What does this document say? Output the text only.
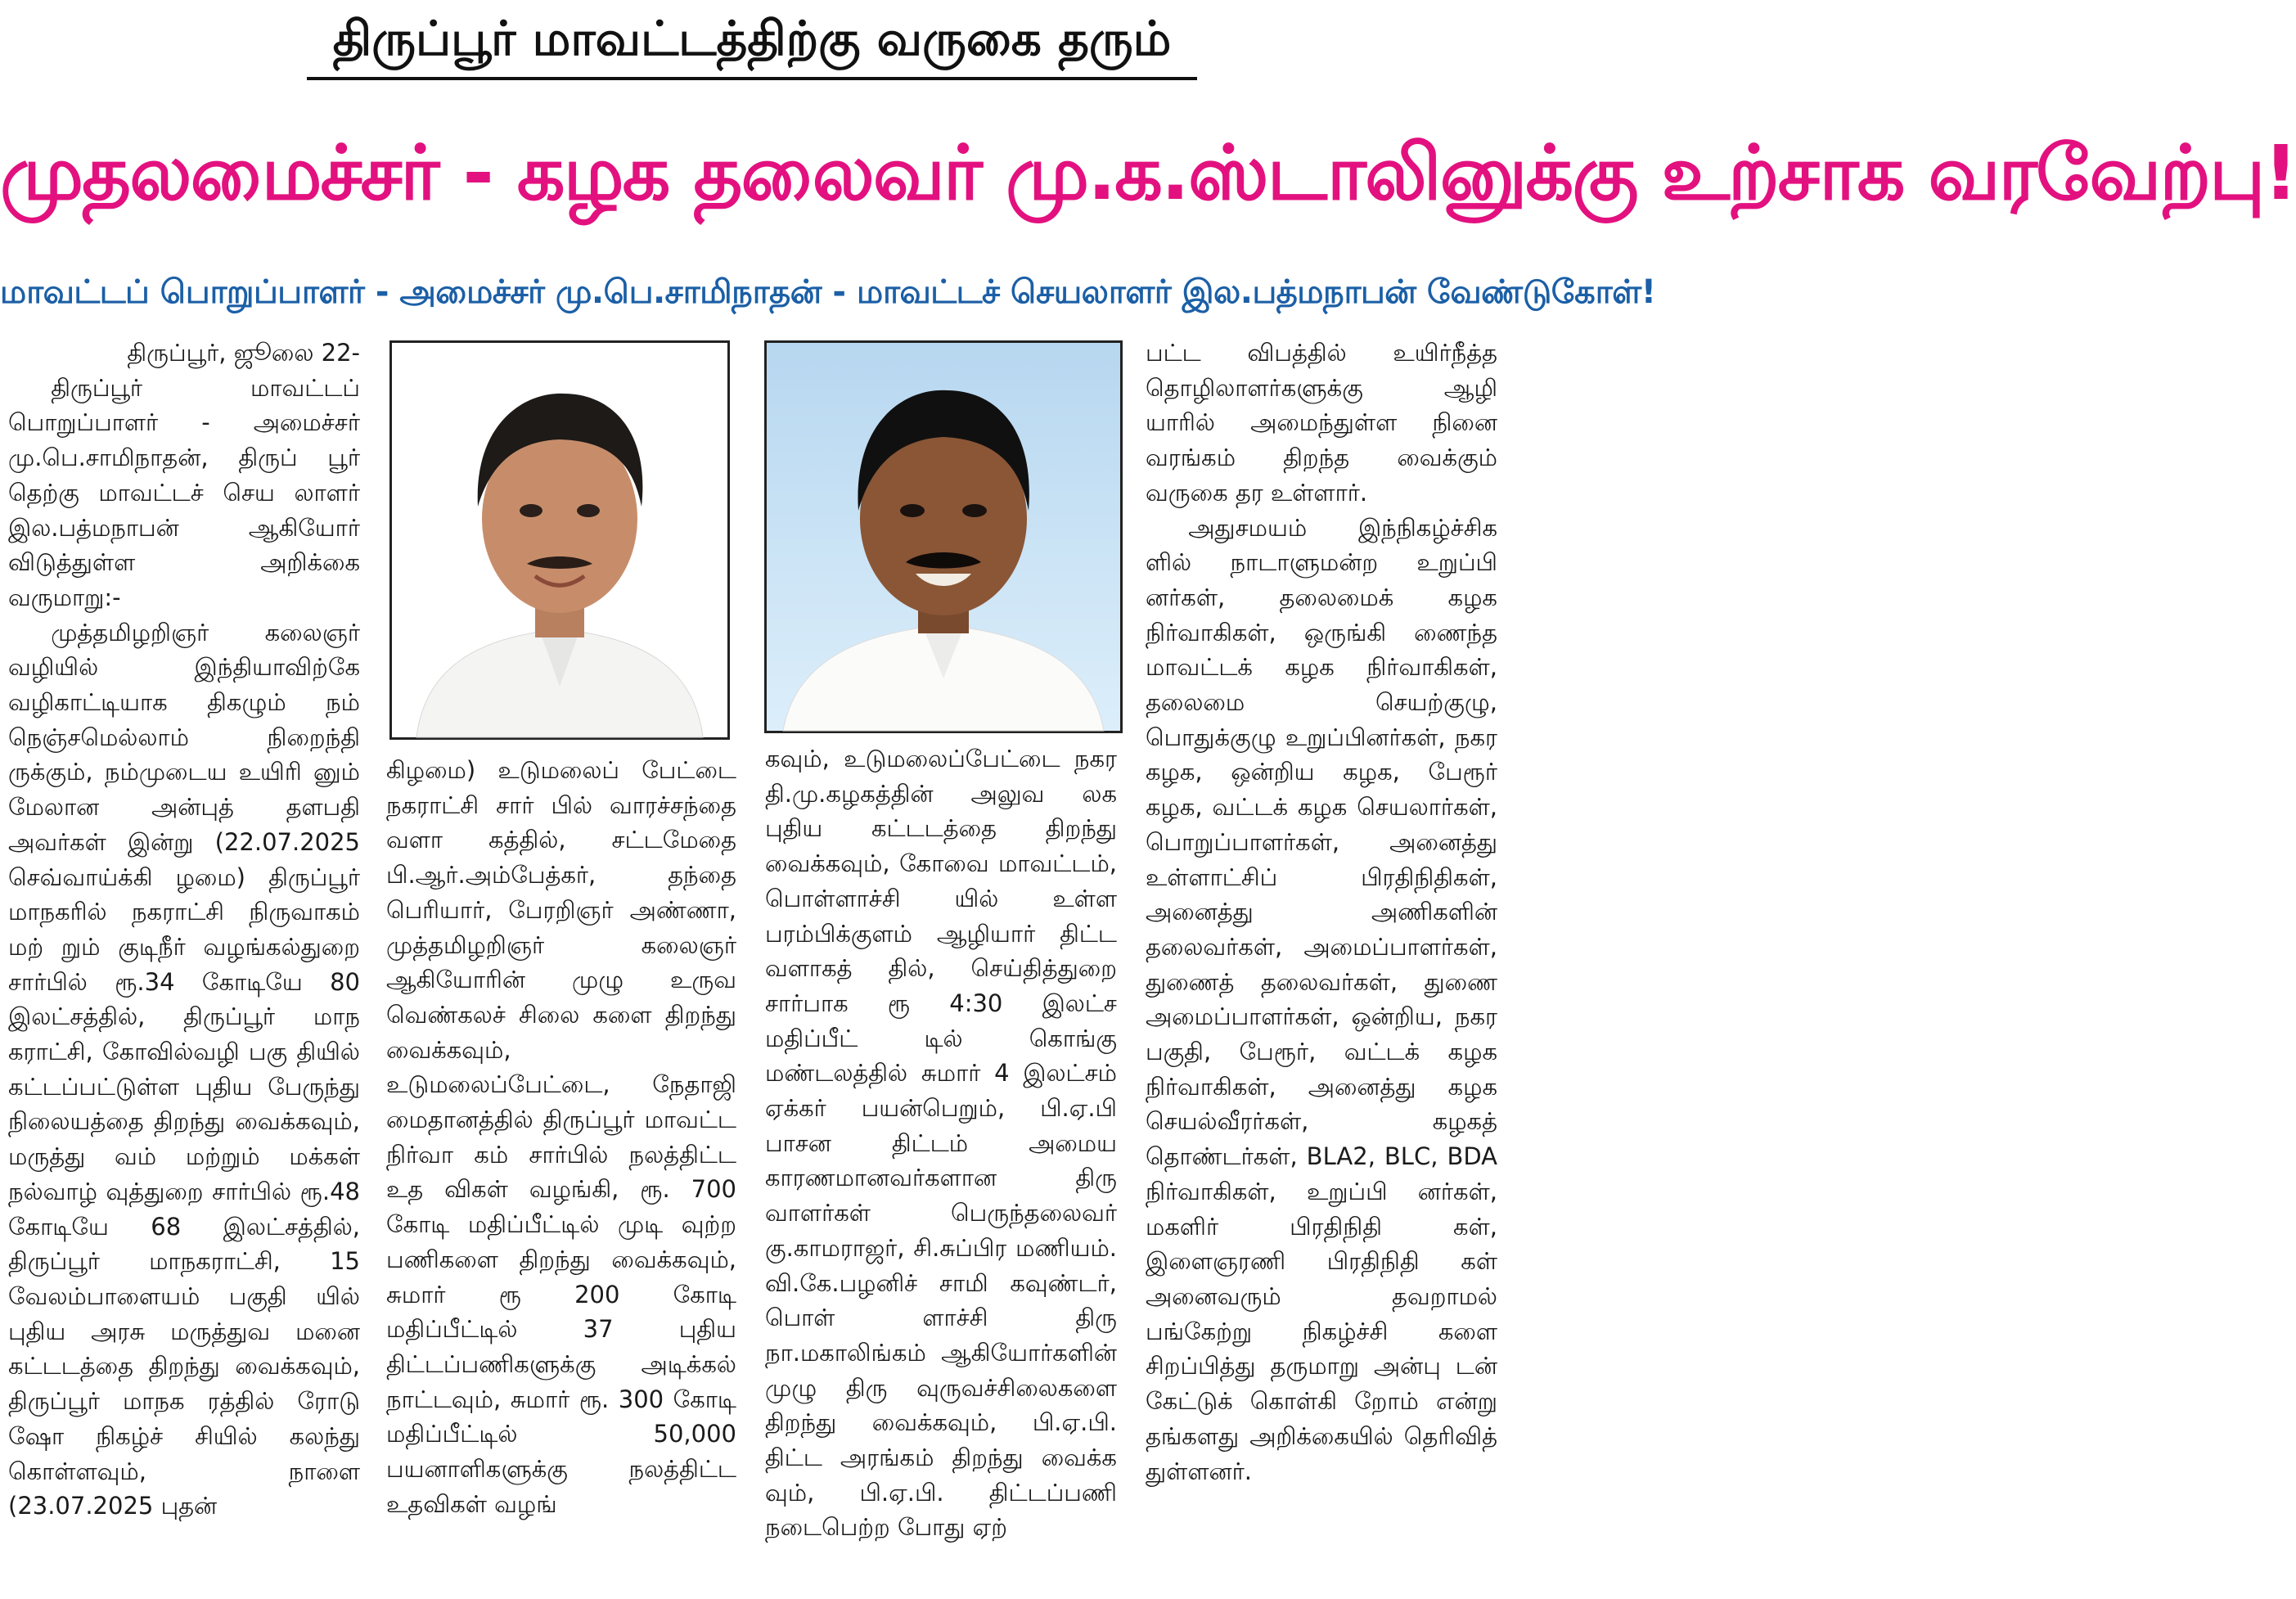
திருப்பூர் மாவட்டத்திற்கு வருகை தரும்
முதலமைச்சர் - கழக தலைவர் மு.க.ஸ்டாலினுக்கு உற்சாக வரவேற்பு!
மாவட்டப் பொறுப்பாளர் - அமைச்சர் மு.பெ.சாமிநாதன் - மாவட்டச் செயலாளர் இல.பத்மநாபன் வேண்டுகோள்!

திருப்பூர், ஜூலை 22-

திருப்பூர் மாவட்டப் பொறுப்பாளர் - அமைச்சர் மு.பெ.சாமிநாதன், திருப் பூர் தெற்கு மாவட்டச் செய லாளர் இல.பத்மநாபன் ஆகியோர் விடுத்துள்ள அறிக்கை வருமாறு:-

முத்தமிழறிஞர் கலைஞர் வழியில் இந்தியாவிற்கே வழிகாட்டியாக திகழும் நம் நெஞ்சமெல்லாம் நிறைந்தி ருக்கும், நம்முடைய உயிரி னும் மேலான அன்புத் தளபதி அவர்கள் இன்று (22.07.2025 செவ்வாய்க்கி ழமை) திருப்பூர் மாநகரில் நகராட்சி நிருவாகம் மற் றும் குடிநீர் வழங்கல்துறை சார்பில் ரூ.34 கோடியே 80 இலட்சத்தில், திருப்பூர் மாந கராட்சி, கோவில்வழி பகு தியில் கட்டப்பட்டுள்ள புதிய பேருந்து நிலையத்தை திறந்து வைக்கவும், மருத்து வம் மற்றும் மக்கள் நல்வாழ் வுத்துறை சார்பில் ரூ.48 கோடியே 68 இலட்சத்தில், திருப்பூர் மாநகராட்சி, 15 வேலம்பாளையம் பகுதி யில் புதிய அரசு மருத்துவ மனை கட்டடத்தை திறந்து வைக்கவும், திருப்பூர் மாநக ரத்தில் ரோடு ஷோ நிகழ்ச் சியில் கலந்து கொள்ளவும், நாளை (23.07.2025 புதன்

கிழமை) உடுமலைப் பேட்டை நகராட்சி சார் பில் வாரச்சந்தை வளா கத்தில், சட்டமேதை பி.ஆர்.அம்பேத்கர், தந்தை பெரியார், பேரறிஞர் அண்ணா, முத்தமிழறிஞர் கலைஞர் ஆகியோரின் முழு உருவ வெண்கலச் சிலை களை திறந்து வைக்கவும், உடுமலைப்பேட்டை, நேதாஜி மைதானத்தில் திருப்பூர் மாவட்ட நிர்வா கம் சார்பில் நலத்திட்ட உத விகள் வழங்கி, ரூ. 700 கோடி மதிப்பீட்டில் முடி வுற்ற பணிகளை திறந்து வைக்கவும், சுமார் ரூ 200 கோடி மதிப்பீட்டில் 37 புதிய திட்டப்பணிகளுக்கு அடிக்கல் நாட்டவும், சுமார் ரூ. 300 கோடி மதிப்பீட்டில் 50,000 பயனாளிகளுக்கு நலத்திட்ட உதவிகள் வழங்

கவும், உடுமலைப்பேட்டை நகர தி.மு.கழகத்தின் அலுவ லக புதிய கட்டடத்தை திறந்து வைக்கவும், கோவை மாவட்டம், பொள்ளாச்சி யில் உள்ள பரம்பிக்குளம் ஆழியார் திட்ட வளாகத் தில், செய்தித்துறை சார்பாக ரூ 4:30 இலட்ச மதிப்பீட் டில் கொங்கு மண்டலத்தில் சுமார் 4 இலட்சம் ஏக்கர் பயன்பெறும், பி.ஏ.பி பாசன திட்டம் அமைய காரணமானவர்களான திரு வாளர்கள் பெருந்தலைவர் கு.காமராஜர், சி.சுப்பிர மணியம். வி.கே.பழனிச் சாமி கவுண்டர், பொள் ளாச்சி திரு நா.மகாலிங்கம் ஆகியோர்களின் முழு திரு வுருவச்சிலைகளை திறந்து வைக்கவும், பி.ஏ.பி. திட்ட அரங்கம் திறந்து வைக்க வும், பி.ஏ.பி. திட்டப்பணி நடைபெற்ற போது ஏற்

பட்ட விபத்தில் உயிர்நீத்த தொழிலாளர்களுக்கு ஆழி யாரில் அமைந்துள்ள நினை வரங்கம் திறந்த வைக்கும் வருகை தர உள்ளார்.

அதுசமயம் இந்நிகழ்ச்சிக ளில் நாடாளுமன்ற உறுப்பி னர்கள், தலைமைக் கழக நிர்வாகிகள், ஒருங்கி ணைந்த மாவட்டக் கழக நிர்வாகிகள், தலைமை செயற்குழு, பொதுக்குழு உறுப்பினர்கள், நகர கழக, ஒன்றிய கழக, பேரூர் கழக, வட்டக் கழக செயலார்கள், பொறுப்பாளர்கள், அனைத்து உள்ளாட்சிப் பிரதிநிதிகள், அனைத்து அணிகளின் தலைவர்கள், அமைப்பாளர்கள், துணைத் தலைவர்கள், துணை அமைப்பாளர்கள், ஒன்றிய, நகர பகுதி, பேரூர், வட்டக் கழக நிர்வாகிகள், அனைத்து கழக செயல்வீரர்கள், கழகத் தொண்டர்கள், BLA2, BLC, BDA நிர்வாகிகள், உறுப்பி னர்கள், மகளிர் பிரதிநிதி கள், இளைஞரணி பிரதிநிதி கள் அனைவரும் தவறாமல் பங்கேற்று நிகழ்ச்சி களை சிறப்பித்து தருமாறு அன்பு டன் கேட்டுக் கொள்கி றோம் என்று தங்களது அறிக்கையில் தெரிவித் துள்ளனர்.
